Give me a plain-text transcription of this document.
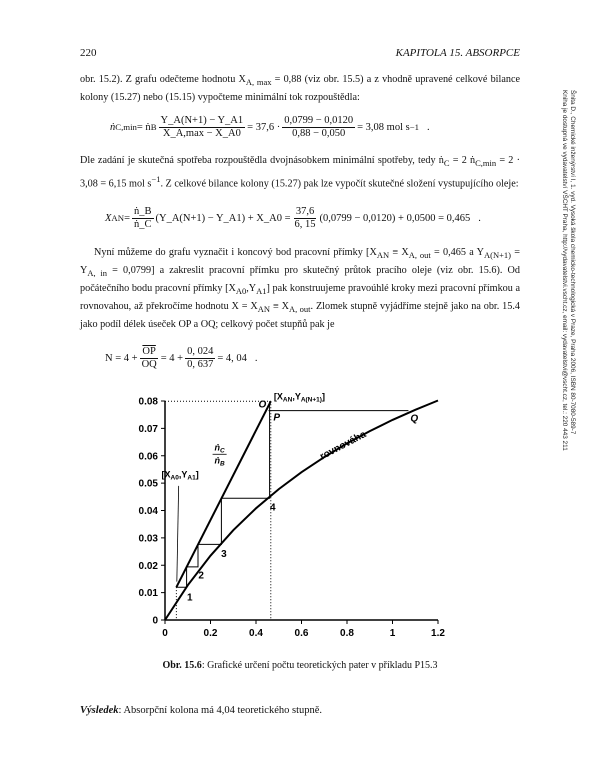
220	KAPITOLA 15. ABSORPCE
Šnita D., Chemické inženýrství I, 1. vyd. Vysoká škola chemicko-technologická v Praze, Praha 2006, ISBN 80-7080-589-7
Kniha je dostupná ve vydavatelství VŠCHT Praha, http://vydavatelstvi.vscht.cz, email: vydavatelstvi@vscht.cz, tel.: 220 443 211
obr. 15.2). Z grafu odečteme hodnotu $X_{A, max} = 0,88$ (viz obr. 15.5) a z vhodně upravené celkové bilance kolony (15.27) nebo (15.15) vypočteme minimální tok rozpouštědla:
ṅ C,min = ṅ B $\frac{Y\_A(N+1) - Y\_A1}{X\_A,\max - X\_A0} = 37,6 \cdot \frac{0,0799 - 0,0120}{0,88 - 0,050} = 3,08$ mol s −1 .
Dle zadání je skutečná spotřeba rozpouštědla dvojnásobkem minimální spotřeby, tedy ṅ$_C$ = 2 ṅ$_{C,min}$ = 2 · 3,08 = 6,15 mol $s^{-1}$. Z celkové bilance kolony (15.27) pak lze vypočít skutečné složení vystupujícího oleje:
X AN = $\frac{\text{ṅ\_B}}{\text{ṅ\_C}}$ (Y_A(N+1) − Y_A1) + X_A0 = $\frac{37,6}{6, 15} (0,0799 - 0,0120) + 0,0500 = 0,465$ .
Nyní můžeme do grafu vyznačit i koncový bod pracovní přímky [$X_{AN} \equiv X_{A, out} = 0,465$ a $Y_{A(N+1)} = Y_{A, in} = 0,0799$] a zakreslit pracovní přímku pro skutečný průtok pracího oleje (viz obr. 15.6). Od počátečního bodu pracovní přímky $[X_{A0},Y_{A1}]$ pak konstruujeme pravoúhlé kroky mezi pracovní přímkou a rovnovahou, až překročíme hodnotu $X = X_{AN} \equiv X_{A, out}$. Zlomek stupně vyjádříme stejně jako na obr. 15.4 jako podíl délek úseček OP a OQ; celkový počet stupňů pak je
$N = 4 + \frac{\overline{OP}}{OQ} = 4 + \frac{0, 024}{0, 637} = 4$, 04 .
0	0.2	0.4	0.6	0.8	1	1.2
0
0.01
0.02
0.03
0.04
0.05
0.06
0.07
0.08
1
2
3
4
O
P	Q
$[X_{AN},Y_{A(N+1)}]$
$[X_{A0},Y_{A1}]$
ṅ$_C$
ṅ$_B$
rovnováha
Obr. 15.6: Grafické určení počtu teoretických pater v příkladu P15.3
Výsledek: Absorpční kolona má 4,04 teoretického stupně.
